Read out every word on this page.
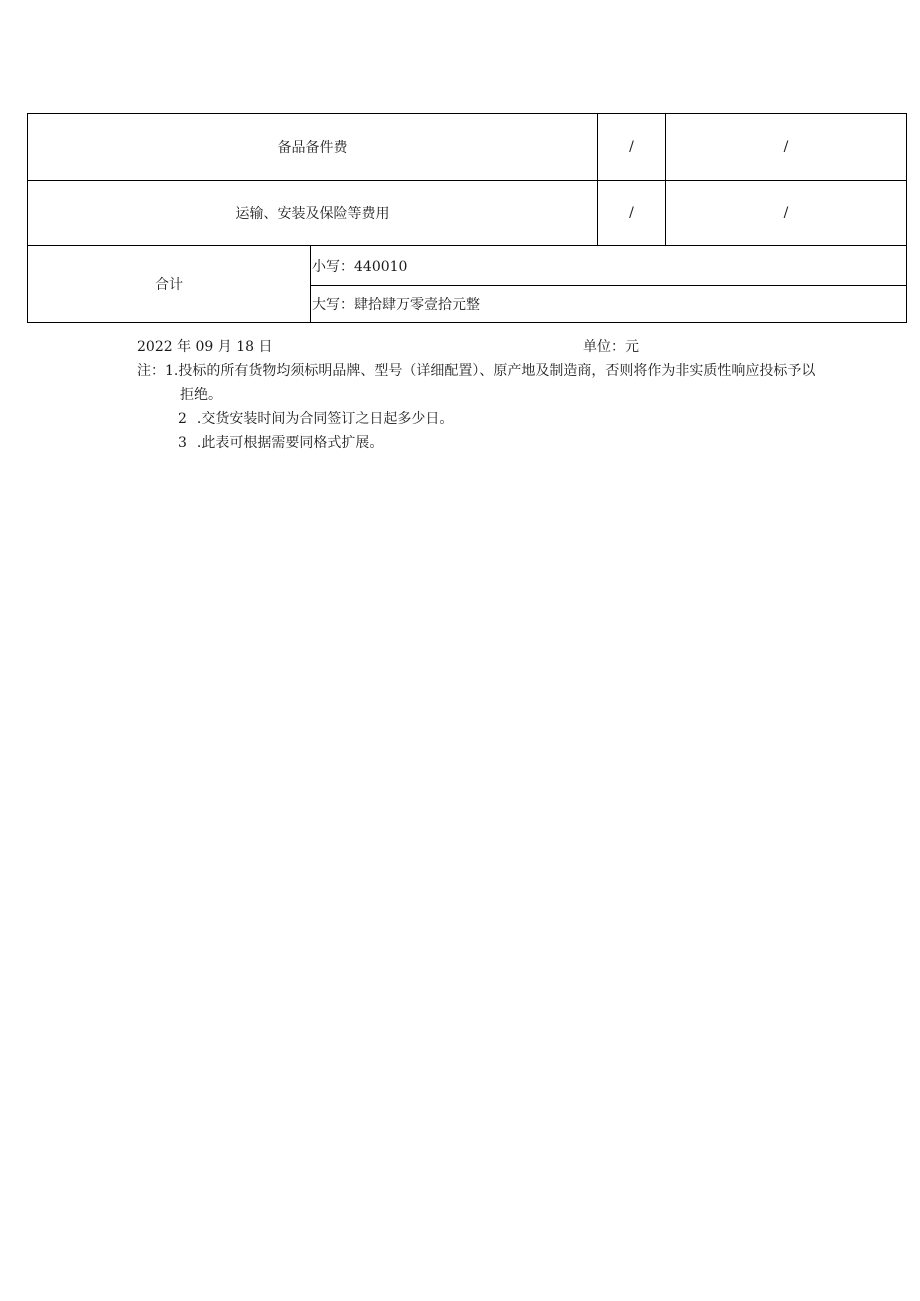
备品备件费	/	/
运输、安装及保险等费用	/	/
合计
小写：440010
大写：肆拾肆万零壹拾元整
2022 年 09 月 18 日	单位：元
注：1.投标的所有货物均须标明品牌、型号（详细配置）、原产地及制造商，否则将作为非实质性响应投标予以
拒绝。
2 .交货安装时间为合同签订之日起多少日。
3 .此表可根据需要同格式扩展。
